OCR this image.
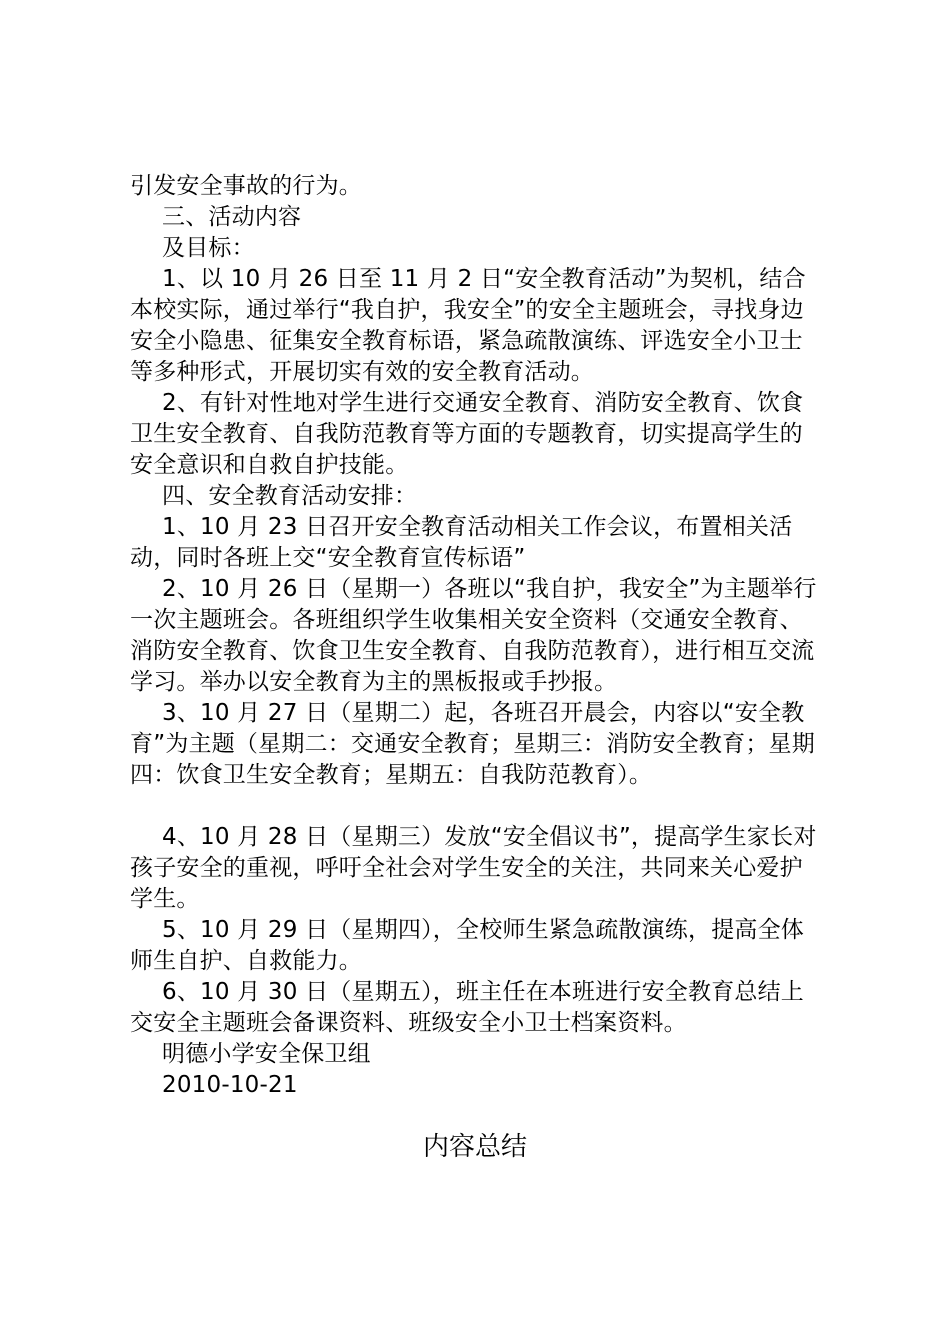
引发安全事故的行为。

三、活动内容

及目标：

1、以 10 月 26 日至 11 月 2 日“安全教育活动”为契机，结合本校实际，通过举行“我自护，我安全”的安全主题班会，寻找身边安全小隐患、征集安全教育标语，紧急疏散演练、评选安全小卫士等多种形式，开展切实有效的安全教育活动。

2、有针对性地对学生进行交通安全教育、消防安全教育、饮食卫生安全教育、自我防范教育等方面的专题教育，切实提高学生的安全意识和自救自护技能。

四、安全教育活动安排：

1、10 月 23 日召开安全教育活动相关工作会议，布置相关活动，同时各班上交“安全教育宣传标语”

2、10 月 26 日（星期一）各班以“我自护，我安全”为主题举行一次主题班会。各班组织学生收集相关安全资料（交通安全教育、消防安全教育、饮食卫生安全教育、自我防范教育），进行相互交流学习。举办以安全教育为主的黑板报或手抄报。

3、10 月 27 日（星期二）起，各班召开晨会，内容以“安全教育”为主题（星期二：交通安全教育；星期三：消防安全教育；星期四：饮食卫生安全教育；星期五：自我防范教育）。

4、10 月 28 日（星期三）发放“安全倡议书”，提高学生家长对孩子安全的重视，呼吁全社会对学生安全的关注，共同来关心爱护学生。

5、10 月 29 日（星期四），全校师生紧急疏散演练，提高全体师生自护、自救能力。

6、10 月 30 日（星期五），班主任在本班进行安全教育总结上交安全主题班会备课资料、班级安全小卫士档案资料。

明德小学安全保卫组

2010-10-21

内容总结
